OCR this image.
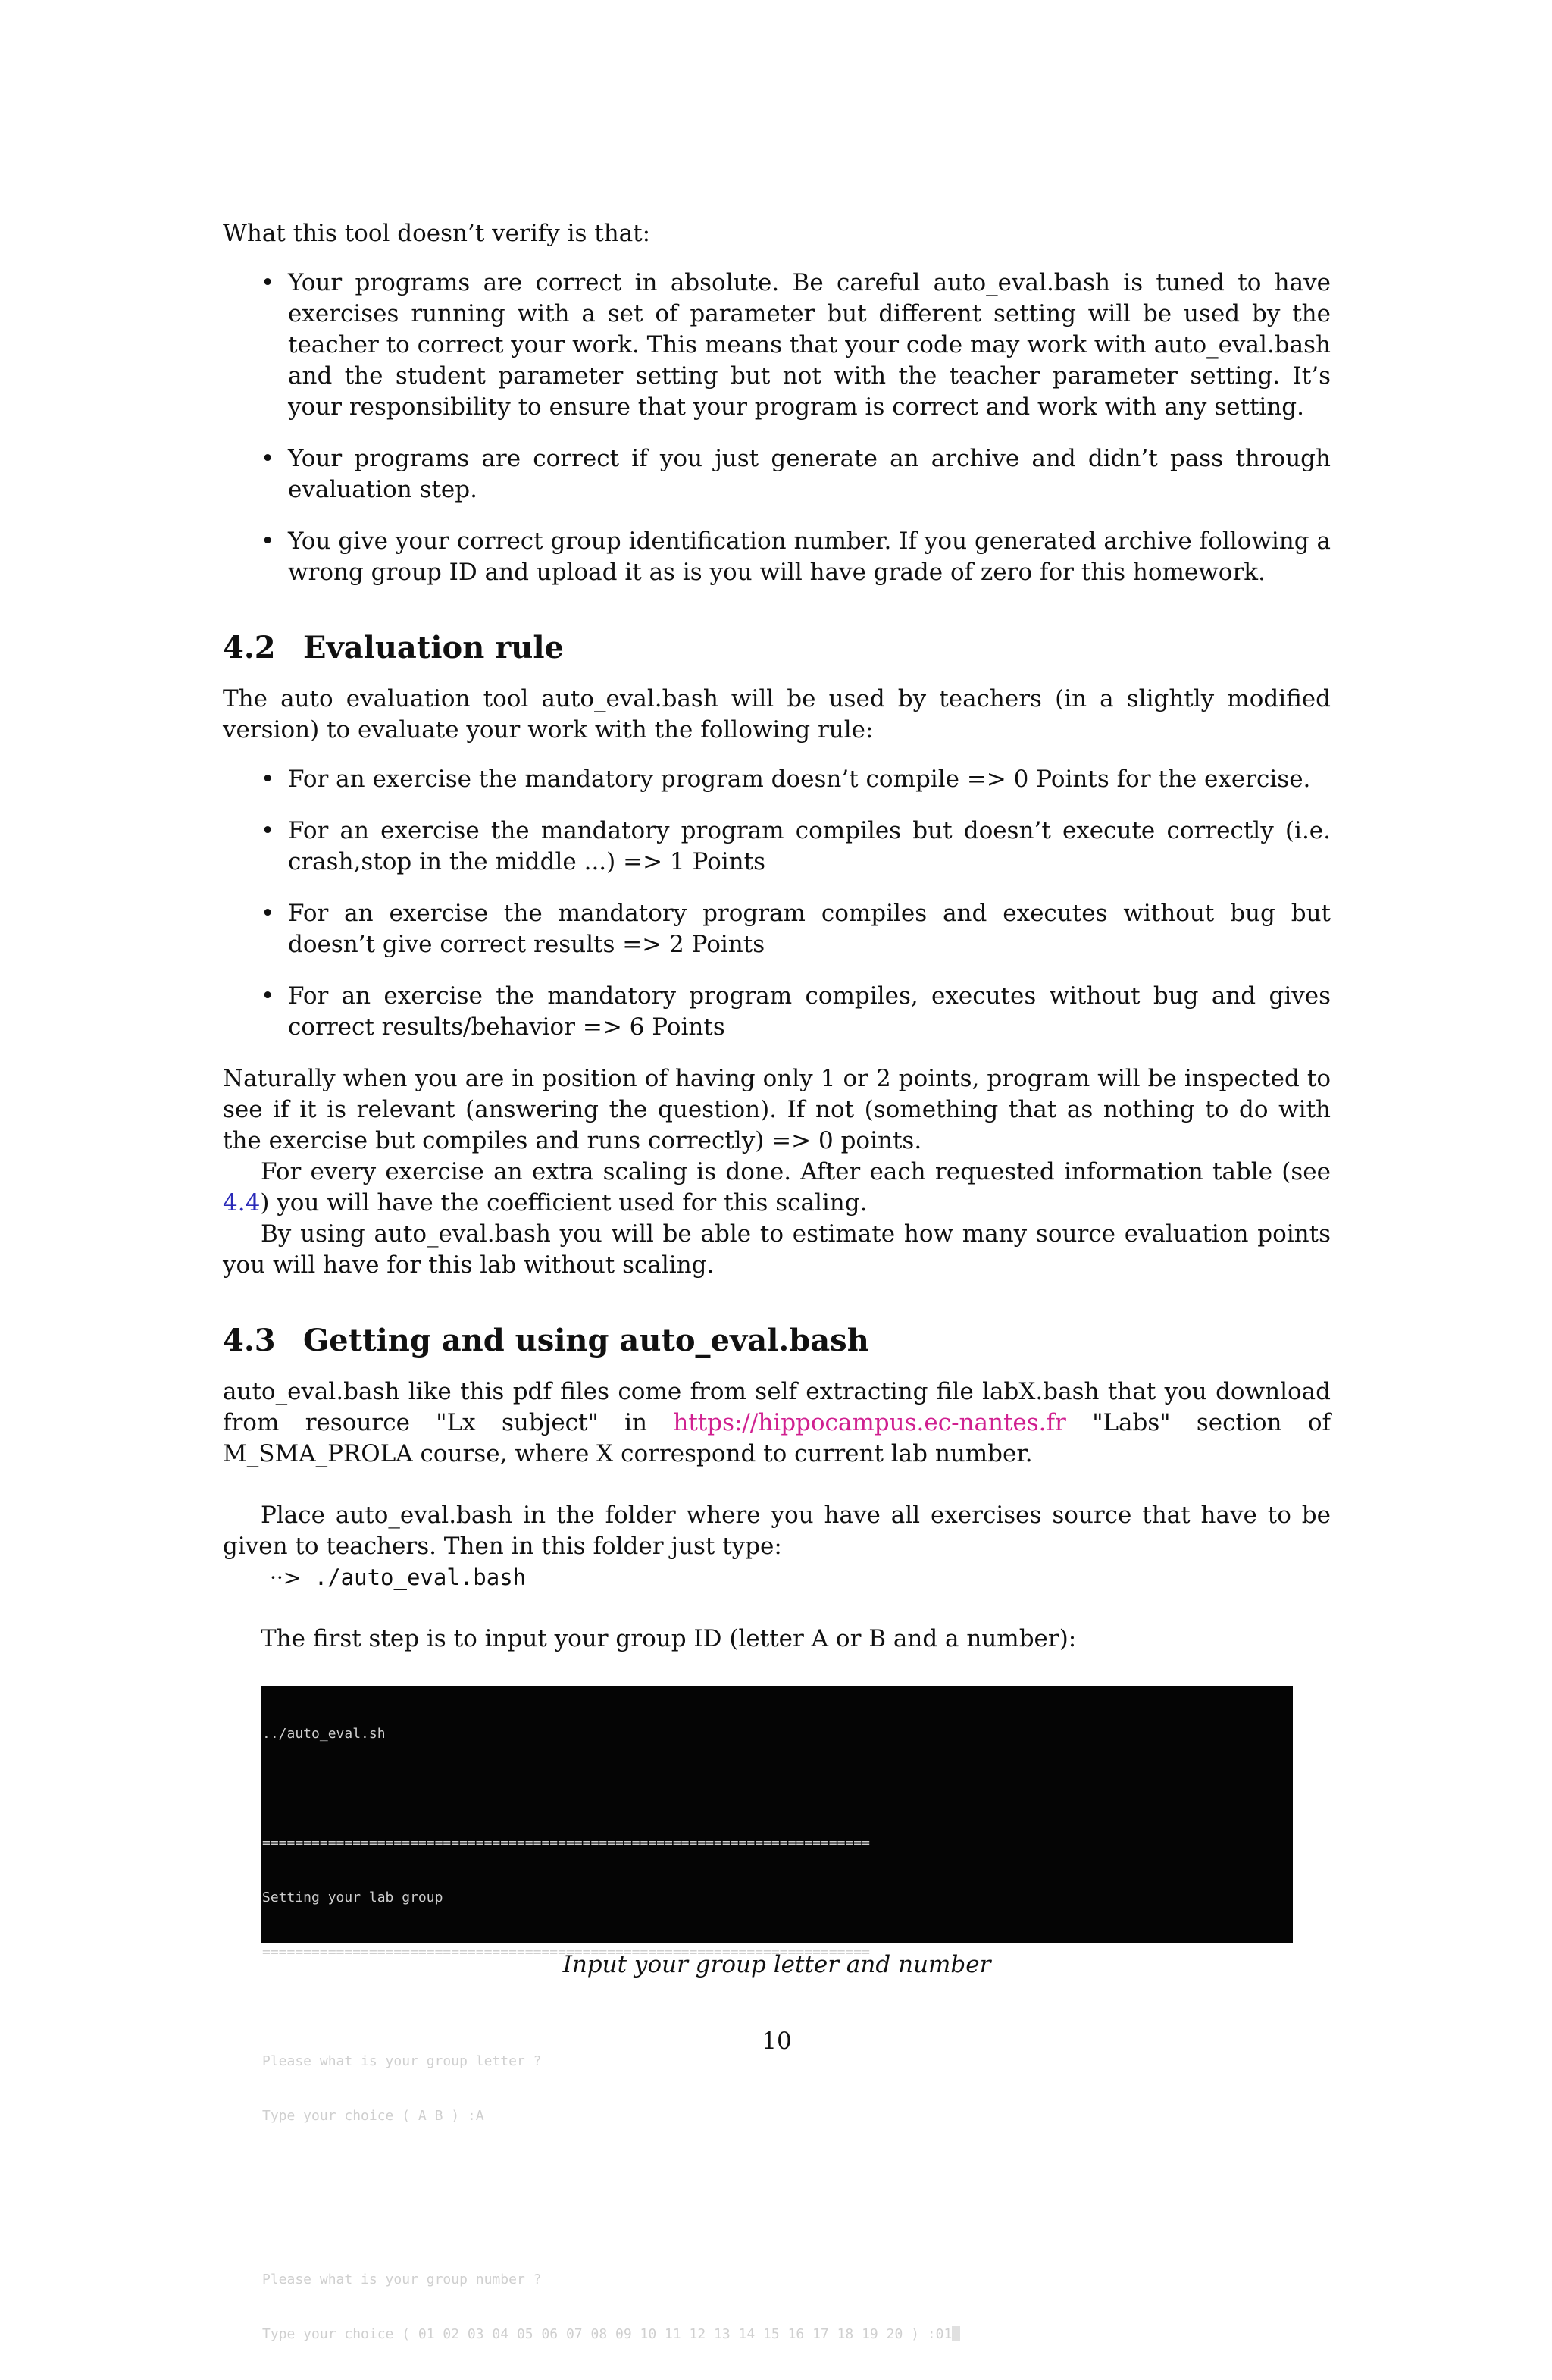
What this tool doesn’t verify is that:

• Your programs are correct in absolute. Be careful auto_eval.bash is tuned to have exercises running with a set of parameter but different setting will be used by the teacher to correct your work. This means that your code may work with auto_eval.bash and the student parameter setting but not with the teacher parameter setting. It’s your responsibility to ensure that your program is correct and work with any setting.
• Your programs are correct if you just generate an archive and didn’t pass through evaluation step.
• You give your correct group identification number. If you generated archive following a wrong group ID and upload it as is you will have grade of zero for this homework.
4.2 Evaluation rule

The auto evaluation tool auto_eval.bash will be used by teachers (in a slightly modified version) to evaluate your work with the following rule:

• For an exercise the mandatory program doesn’t compile => 0 Points for the exercise.
• For an exercise the mandatory program compiles but doesn’t execute correctly (i.e. crash,stop in the middle ...) => 1 Points
• For an exercise the mandatory program compiles and executes without bug but doesn’t give correct results => 2 Points
• For an exercise the mandatory program compiles, executes without bug and gives correct results/behavior => 6 Points

Naturally when you are in position of having only 1 or 2 points, program will be inspected to see if it is relevant (answering the question). If not (something that as nothing to do with the exercise but compiles and runs correctly) => 0 points.

For every exercise an extra scaling is done. After each requested information table (see 4.4) you will have the coefficient used for this scaling.

By using auto_eval.bash you will be able to estimate how many source evaluation points you will have for this lab without scaling.

4.3 Getting and using auto_eval.bash

auto_eval.bash like this pdf files come from self extracting file labX.bash that you download from resource "Lx subject" in https://hippocampus.ec-nantes.fr "Labs" section of M_SMA_PROLA course, where X correspond to current lab number.

Place auto_eval.bash in the folder where you have all exercises source that have to be given to teachers. Then in this folder just type:

··> ./auto_eval.bash

The first step is to input your group ID (letter A or B and a number):

../auto_eval.sh

==========================================================================

Setting your lab group

==========================================================================

Please what is your group letter ?

Type your choice ( A B ) :A

Please what is your group number ?

Type your choice ( 01 02 03 04 05 06 07 08 09 10 11 12 13 14 15 16 17 18 19 20 ) :01

Input your group letter and number
10
